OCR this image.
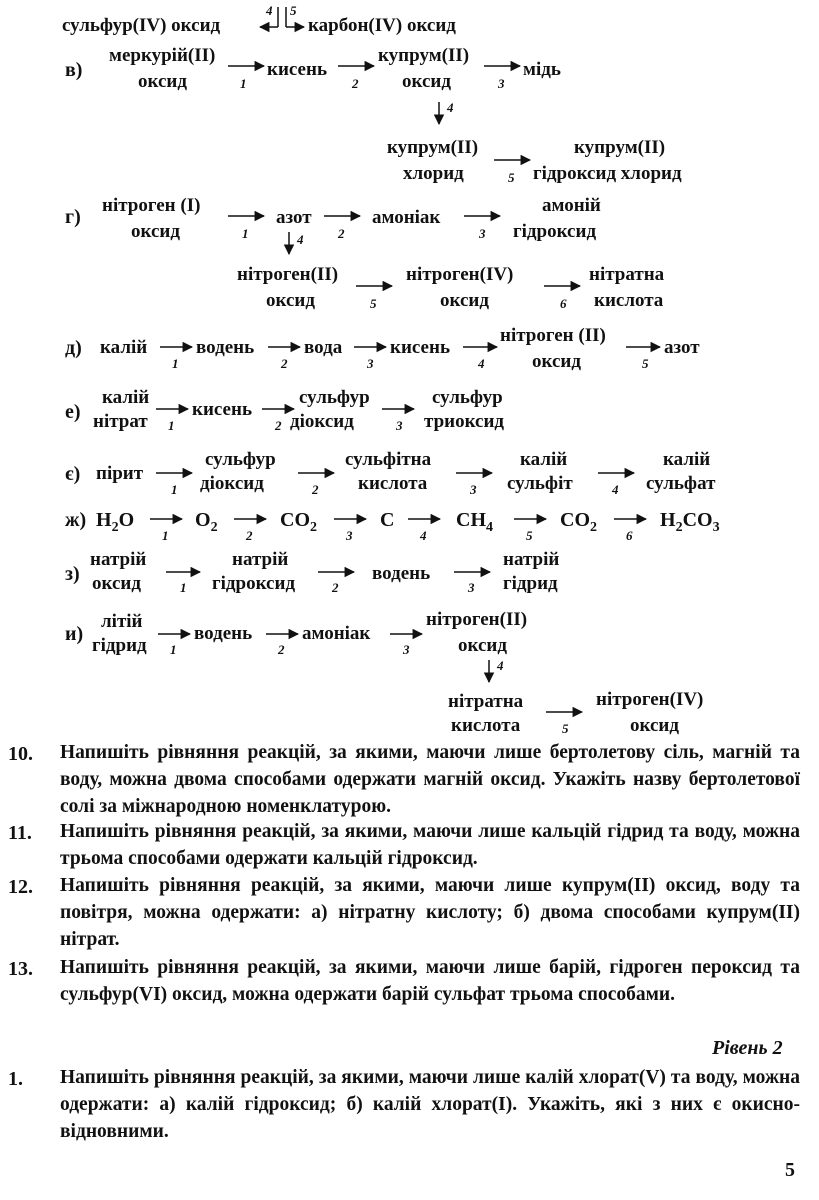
сульфур(IV) оксид
4 5
карбон(IV) оксид
в)
меркурій(II)
оксид	1
кисень
2
купрум(II)
оксид	3
мідь
4
купрум(II)
хлорид	5
купрум(II)
гідроксид хлорид
г)
нітроген (I)
оксид	1
азот
2
амоніак
3
амоній
гідроксид
4
нітроген(II)
оксид	5
нітроген(IV)
оксид	6
нітратна
кислота
д) калій
1
водень
2
вода
3
кисень
4
нітроген (II)
оксид	5
азот
е)
калій
нітрат 1
кисень
2
сульфур
діоксид	3
сульфур
триоксид
є) пірит
1
сульфур
діоксид	2
сульфітна
кислота	3
калій
сульфіт	4
калій
сульфат
ж) $H_2O$
1
$O_2$
2
$CO_2$
3
C
4
$CH_4$
5
$CO_2$
6
$H_2CO_3$
з)
натрій
оксид	1
натрій
гідроксид	2
водень
3
натрій
гідрид
и)
літій
гідрид 1
водень
2
амоніак
3
нітроген(II)
оксид
4
нітратна
кислота	5
нітроген(IV)
оксид
10. Напишіть рівняння реакцій, за якими, маючи лише бертолетову сіль, магній та воду, можна двома способами одержати магній оксид. Укажіть назву бертолетової солі за міжнародною номенклатурою.
11. Напишіть рівняння реакцій, за якими, маючи лише кальцій гідрид та воду, можна трьома способами одержати кальцій гідроксид.
12. Напишіть рівняння реакцій, за якими, маючи лише купрум(II) оксид, воду та повітря, можна одержати: а) нітратну кислоту; б) двома способами купрум(II) нітрат.
13. Напишіть рівняння реакцій, за якими, маючи лише барій, гідроген пероксид та сульфур(VI) оксид, можна одержати барій сульфат трьома способами.
Рівень 2
1. Напишіть рівняння реакцій, за якими, маючи лише калій хлорат(V) та воду, можна одержати: а) калій гідроксид; б) калій хлорат(I). Укажіть, які з них є окисно-відновними.
5
